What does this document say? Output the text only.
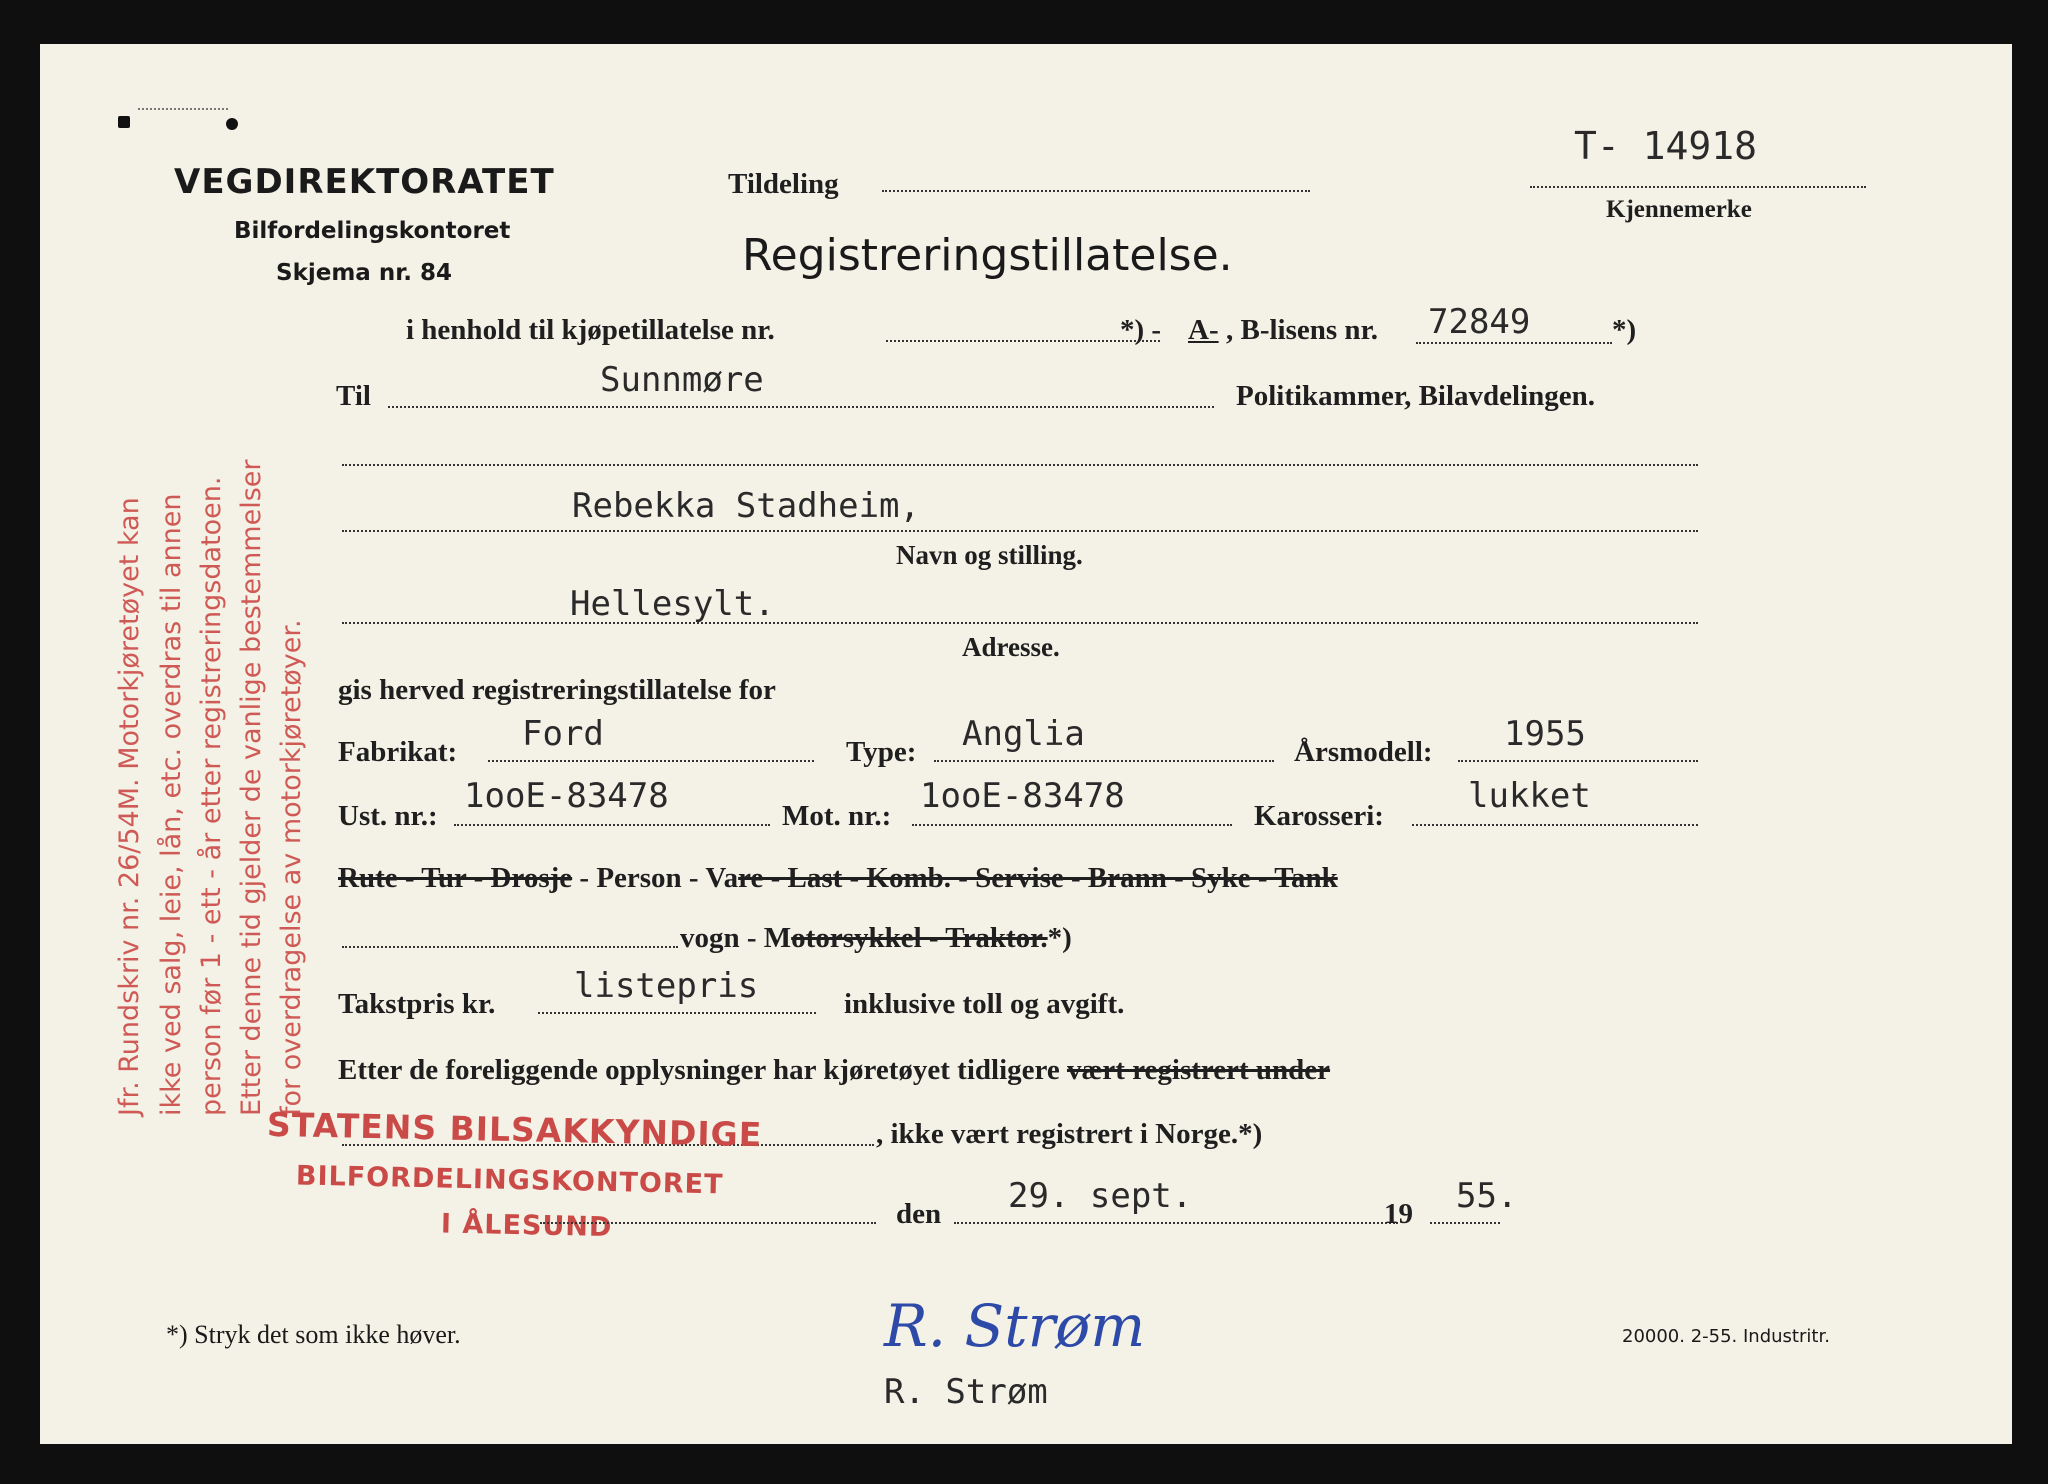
VEGDIREKTORATET
Bilfordelingskontoret
Skjema nr. 84
Tildeling
T- 14918
Kjennemerke
Registreringstillatelse.
Jfr. Rundskriv nr. 26/54M. Motorkjøretøyet kan ikke ved salg, leie, lån, etc. overdras til annen person før 1 - ett - år etter registreringsdatoen. Etter denne tid gjelder de vanlige bestemmelser for overdragelse av motorkjøretøyer.
i henhold til kjøpetillatelse nr.	*) - A- , B-lisens nr. 72849	*)
Til	Sunnmøre	Politikammer, Bilavdelingen.
Rebekka Stadheim,
Navn og stilling.
Hellesylt.
Adresse.
gis herved registreringstillatelse for
Fabrikat: Ford	Type: Anglia	Årsmodell: 1955
Ust. nr.: 1ooE-83478	Mot. nr.: 1ooE-83478	Karosseri: lukket
Rute - Tur - Drosje - Person - Vare - Last - Komb. - Servise - Brann - Syke - Tank
vogn - Motorsykkel - Traktor.*)
Takstpris kr. listepris	inklusive toll og avgift.
Etter de foreliggende opplysninger har kjøretøyet tidligere vært registrert under
, ikke vært registrert i Norge.*)
STATENS BILSAKKYNDIGE
BILFORDELINGSKONTORET
I ÅLESUND	den 29. sept.	19 55.
R. Strøm
R. Strøm
*) Stryk det som ikke høver.	20000. 2-55. Industritr.
